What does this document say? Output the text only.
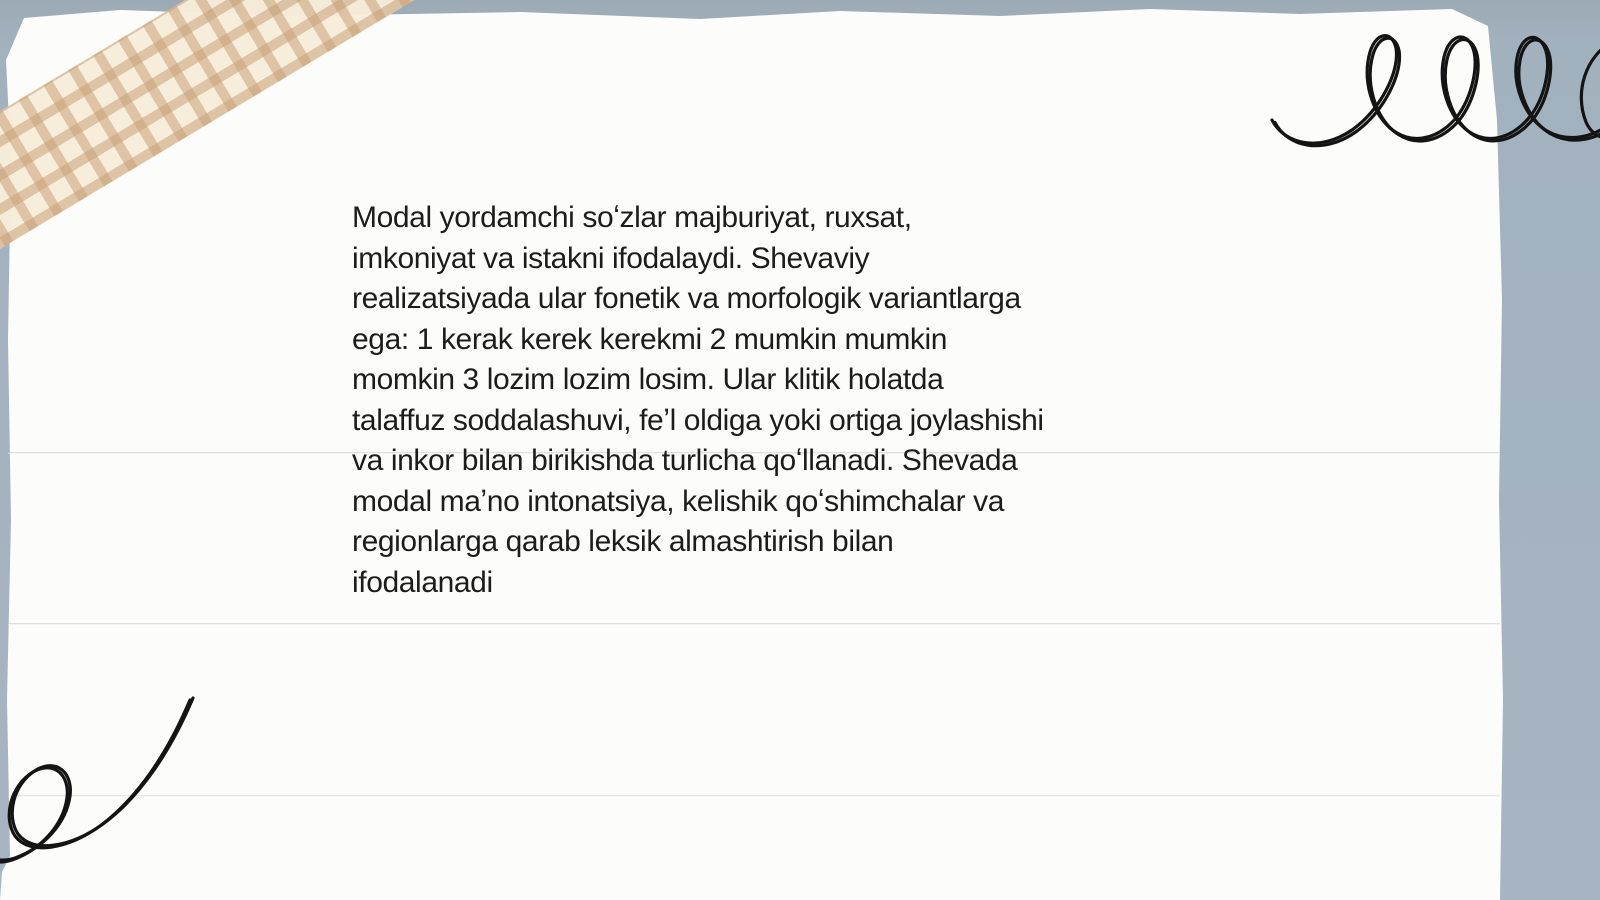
Modal yordamchi soʻzlar majburiyat, ruxsat,
imkoniyat va istakni ifodalaydi. Shevaviy
realizatsiyada ular fonetik va morfologik variantlarga
ega: 1 kerak kerek kerekmi 2 mumkin mumkin
momkin 3 lozim lozim losim. Ular klitik holatda
talaffuz soddalashuvi, feʼl oldiga yoki ortiga joylashishi
va inkor bilan birikishda turlicha qoʻllanadi. Shevada
modal maʼno intonatsiya, kelishik qoʻshimchalar va
regionlarga qarab leksik almashtirish bilan
ifodalanadi
